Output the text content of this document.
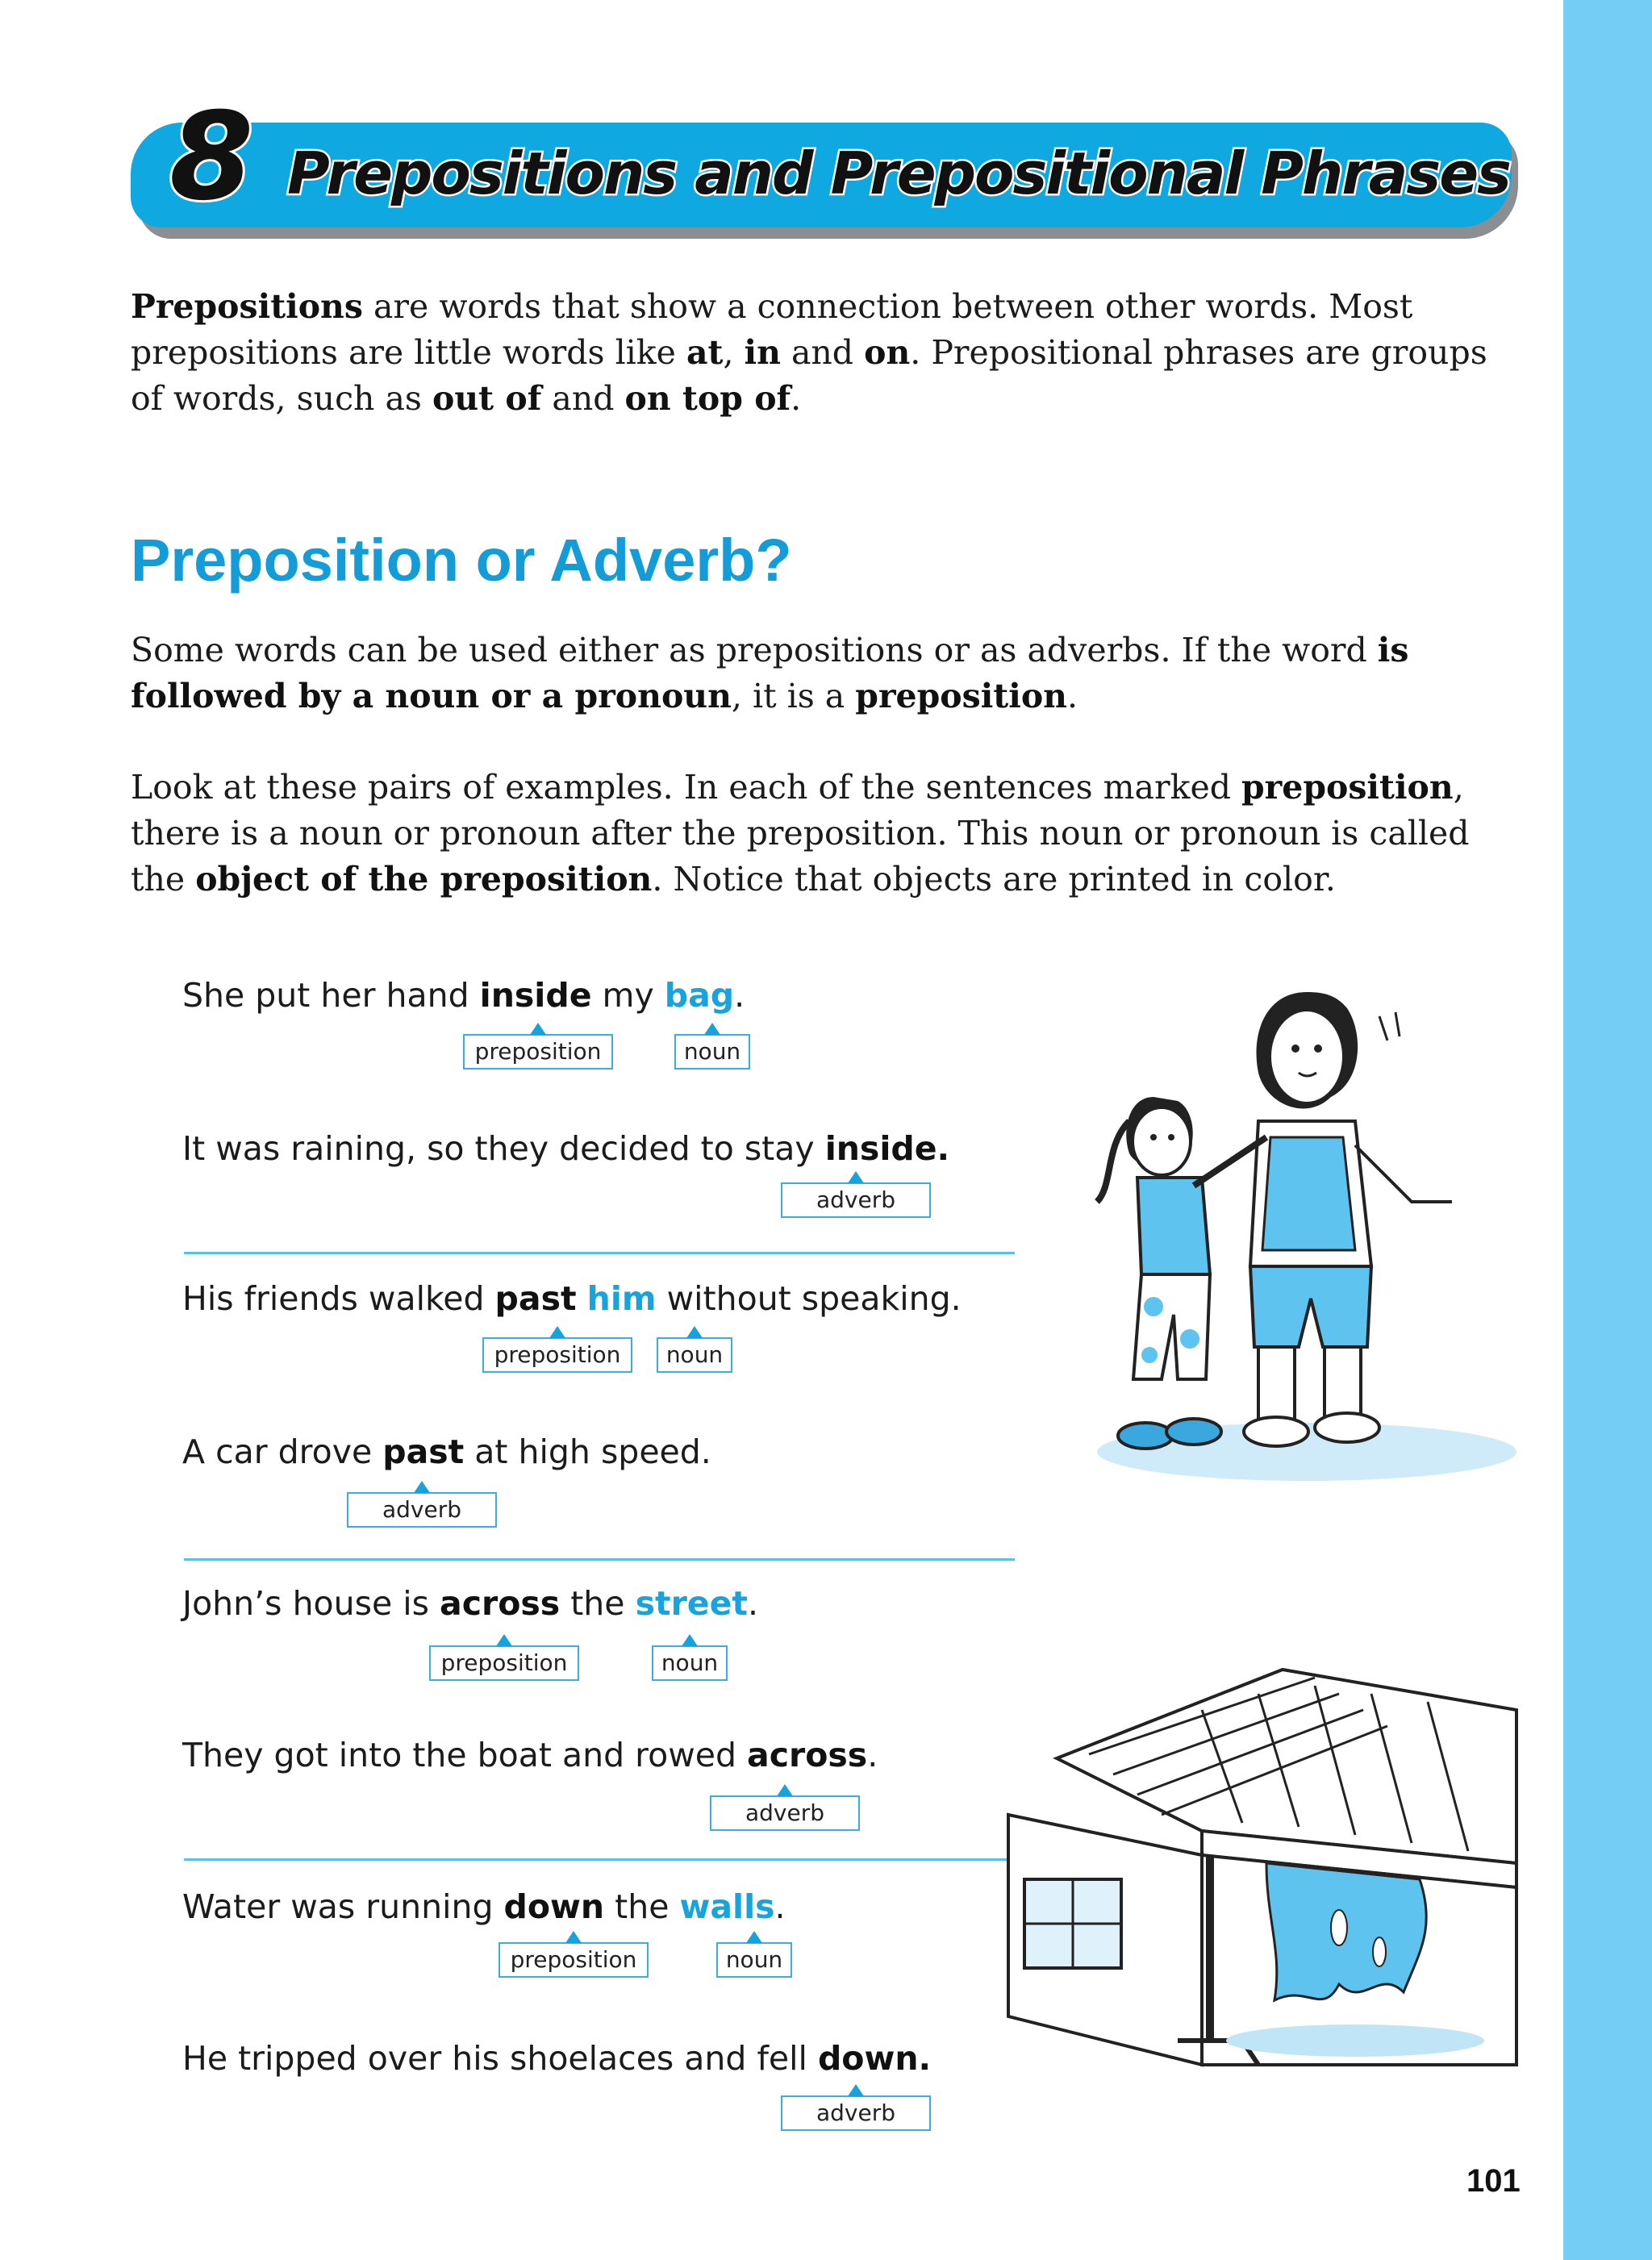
8 Prepositions and Prepositional Phrases

Prepositions are words that show a connection between other words. Most prepositions are little words like at, in and on. Prepositional phrases are groups of words, such as out of and on top of.

Preposition or Adverb?

Some words can be used either as prepositions or as adverbs. If the word is followed by a noun or a pronoun, it is a preposition.

Look at these pairs of examples. In each of the sentences marked preposition, there is a noun or pronoun after the preposition. This noun or pronoun is called the object of the preposition. Notice that objects are printed in color.

She put her hand inside my bag.
preposition	noun
It was raining, so they decided to stay inside.
adverb
His friends walked past him without speaking.
preposition	noun
A car drove past at high speed.
adverb
John’s house is across the street.
preposition	noun
They got into the boat and rowed across.
adverb
Water was running down the walls.
preposition	noun
He tripped over his shoelaces and fell down.
adverb
101
